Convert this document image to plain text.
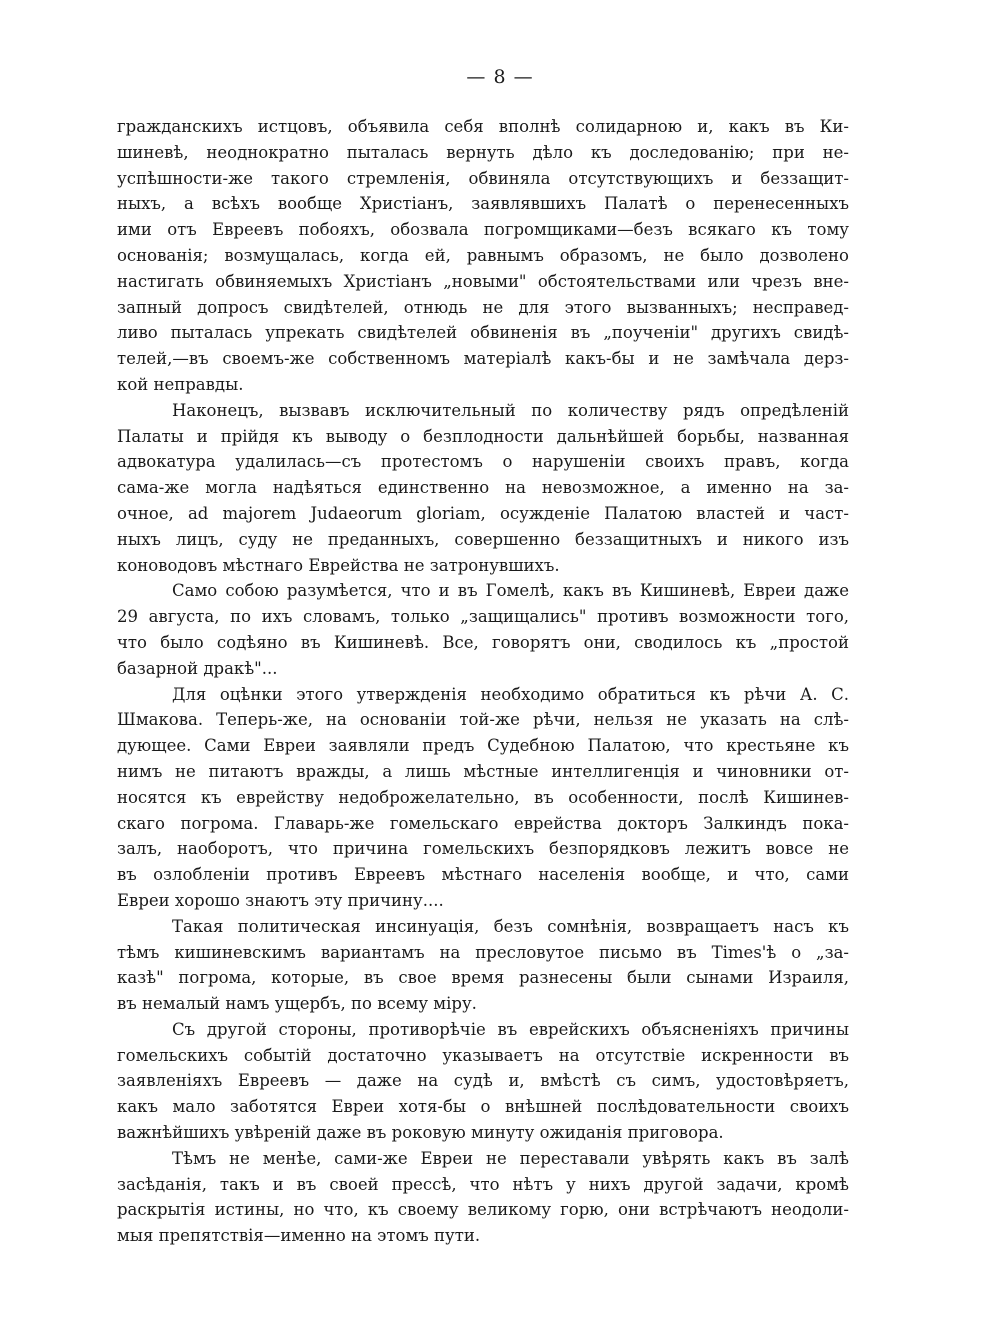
— 8 —
гражданскихъ истцовъ, объявила себя вполнѣ солидарною и, какъ въ Ки-
шиневѣ, неоднократно пыталась вернуть дѣло къ доследованію; при не-
успѣшности-же такого стремленія, обвиняла отсутствующихъ и беззащит-
ныхъ, а всѣхъ вообще Христіанъ, заявлявшихъ Палатѣ о перенесенныхъ
ими отъ Евреевъ побояхъ, обозвала погромщиками—безъ всякаго къ тому
основанія; возмущалась, когда ей, равнымъ образомъ, не было дозволено
настигать обвиняемыхъ Христіанъ „новыми" обстоятельствами или чрезъ вне-
запный допросъ свидѣтелей, отнюдь не для этого вызванныхъ; несправед-
ливо пыталась упрекать свидѣтелей обвиненія въ „поученіи" другихъ свидѣ-
телей,—въ своемъ-же собственномъ матеріалѣ какъ-бы и не замѣчала дерз-
кой неправды.
Наконецъ, вызвавъ исключительный по количеству рядъ опредѣленій
Палаты и прійдя къ выводу о безплодности дальнѣйшей борьбы, названная
адвокатура удалилась—съ протестомъ о нарушеніи своихъ правъ, когда
сама-же могла надѣяться единственно на невозможное, а именно на за-
очное, ad majorem Judaeorum gloriam, осужденіе Палатою властей и част-
ныхъ лицъ, суду не преданныхъ, совершенно беззащитныхъ и никого изъ
коноводовъ мѣстнаго Еврейства не затронувшихъ.
Само собою разумѣется, что и въ Гомелѣ, какъ въ Кишиневѣ, Евреи даже
29 августа, по ихъ словамъ, только „защищались" противъ возможности того,
что было содѣяно въ Кишиневѣ. Все, говорятъ они, сводилось къ „простой
базарной дракѣ"...
Для оцѣнки этого утвержденія необходимо обратиться къ рѣчи А. С.
Шмакова. Теперь-же, на основаніи той-же рѣчи, нельзя не указать на слѣ-
дующее. Сами Евреи заявляли предъ Судебною Палатою, что крестьяне къ
нимъ не питаютъ вражды, а лишь мѣстные интеллигенція и чиновники от-
носятся къ еврейству недоброжелательно, въ особенности, послѣ Кишинев-
скаго погрома. Главарь-же гомельскаго еврейства докторъ Залкиндъ пока-
залъ, наоборотъ, что причина гомельскихъ безпорядковъ лежитъ вовсе не
въ озлобленіи противъ Евреевъ мѣстнаго населенія вообще, и что, сами
Евреи хорошо знаютъ эту причину....
Такая политическая инсинуація, безъ сомнѣнія, возвращаетъ насъ къ
тѣмъ кишиневскимъ вариантамъ на пресловутое письмо въ Times'ѣ о „за-
казѣ" погрома, которые, въ свое время разнесены были сынами Израиля,
въ немалый намъ ущербъ, по всему міру.
Съ другой стороны, противорѣчіе въ еврейскихъ объясненіяхъ причины
гомельскихъ событій достаточно указываетъ на отсутствіе искренности въ
заявленіяхъ Евреевъ — даже на судѣ и, вмѣстѣ съ симъ, удостовѣряетъ,
какъ мало заботятся Евреи хотя-бы о внѣшней послѣдовательности своихъ
важнѣйшихъ увѣреній даже въ роковую минуту ожиданія приговора.
Тѣмъ не менѣе, сами-же Евреи не переставали увѣрять какъ въ залѣ
засѣданія, такъ и въ своей прессѣ, что нѣтъ у нихъ другой задачи, кромѣ
раскрытія истины, но что, къ своему великому горю, они встрѣчаютъ неодоли-
мыя препятствія—именно на этомъ пути.
